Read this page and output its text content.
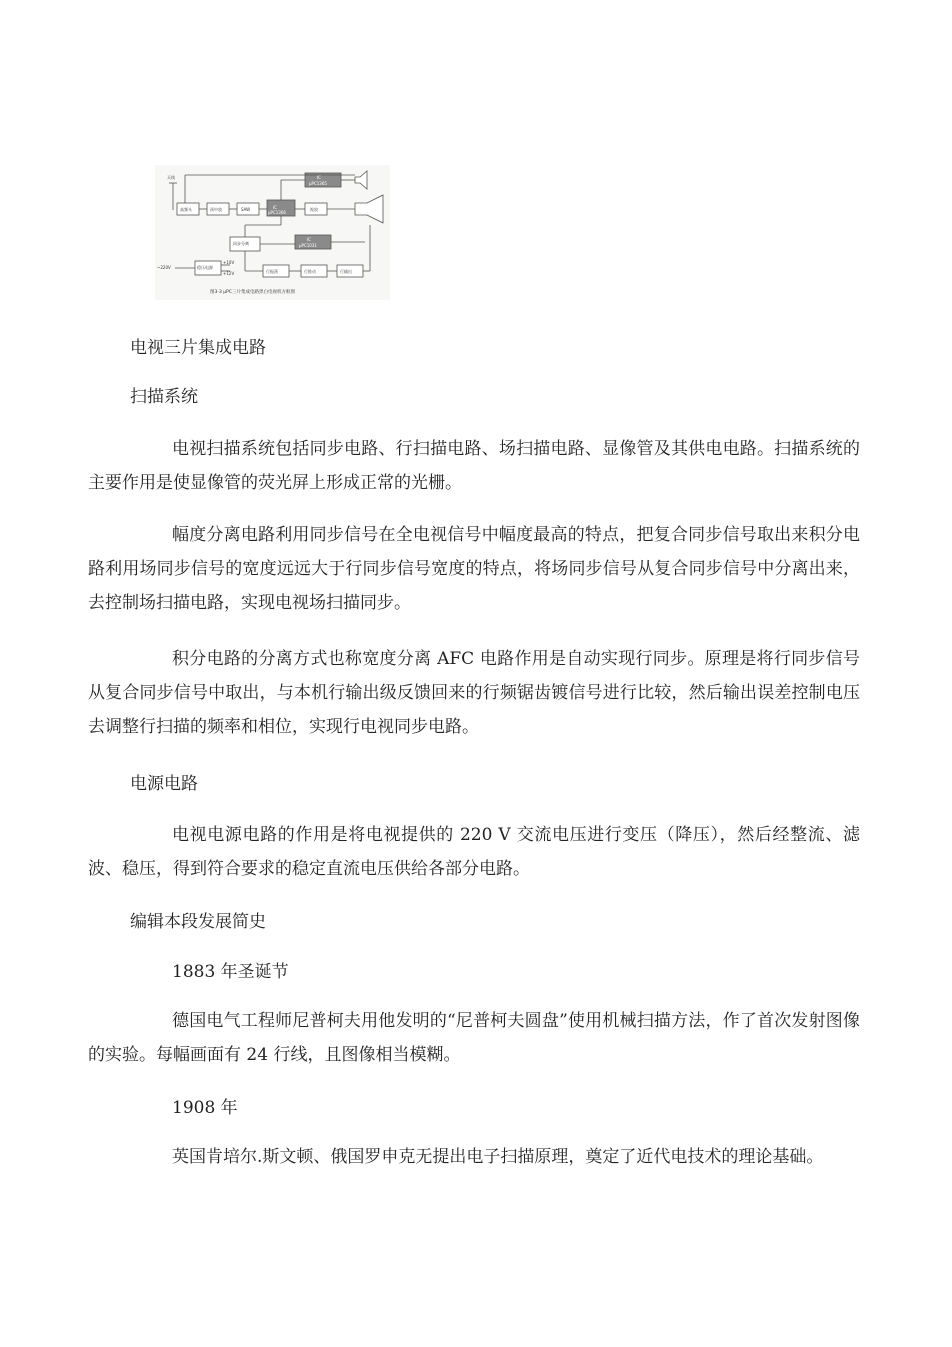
天线
高频头	预中放	SAW	IC
μPC1366
视放
IC
μPC1365
同步分离
IC
μPC1031
稳压电源
+10V
+12V
~220V
行振荡	行推动	行输出
图3-3 μPC三片集成电路黑白电视机方框图
电视三片集成电路
扫描系统

电视扫描系统包括同步电路、行扫描电路、场扫描电路、显像管及其供电电路。扫描系统的主要作用是使显像管的荧光屏上形成正常的光栅。

幅度分离电路利用同步信号在全电视信号中幅度最高的特点，把复合同步信号取出来积分电路利用场同步信号的宽度远远大于行同步信号宽度的特点，将场同步信号从复合同步信号中分离出来，去控制场扫描电路，实现电视场扫描同步。

积分电路的分离方式也称宽度分离 AFC 电路作用是自动实现行同步。原理是将行同步信号从复合同步信号中取出，与本机行输出级反馈回来的行频锯齿镀信号进行比较，然后输出误差控制电压去调整行扫描的频率和相位，实现行电视同步电路。

电源电路

电视电源电路的作用是将电视提供的 220 V 交流电压进行变压（降压），然后经整流、滤波、稳压，得到符合要求的稳定直流电压供给各部分电路。

编辑本段发展简史
1883 年圣诞节

德国电气工程师尼普柯夫用他发明的“尼普柯夫圆盘”使用机械扫描方法，作了首次发射图像的实验。每幅画面有 24 行线，且图像相当模糊。

1908 年

英国肯培尔.斯文顿、俄国罗申克无提出电子扫描原理，奠定了近代电技术的理论基础。
